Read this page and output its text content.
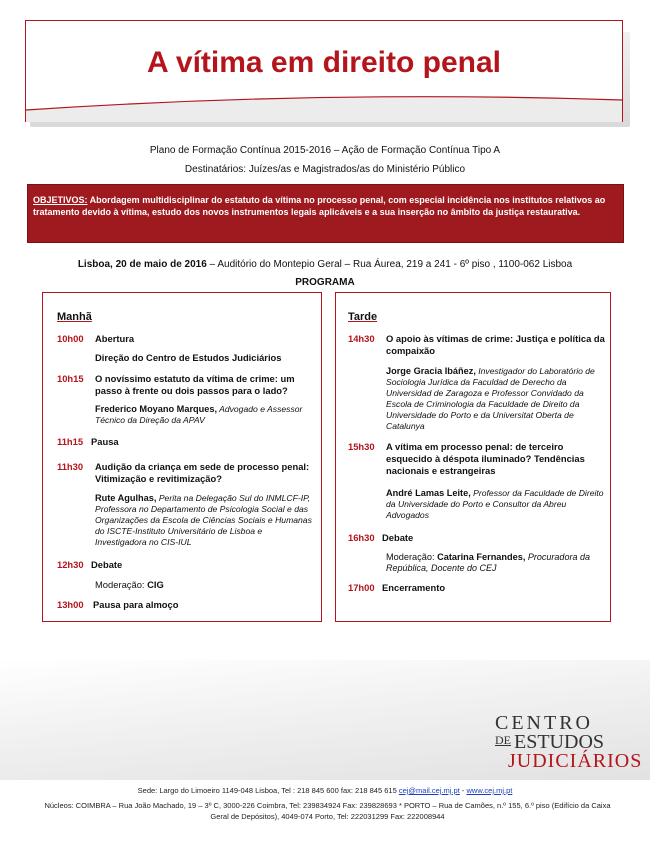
A vítima em direito penal
Plano de Formação Contínua 2015-2016 – Ação de Formação Contínua Tipo A
Destinatários: Juízes/as e Magistrados/as do Ministério Público
OBJETIVOS: Abordagem multidisciplinar do estatuto da vítima no processo penal, com especial incidência nos institutos relativos ao tratamento devido à vítima, estudo dos novos instrumentos legais aplicáveis e a sua inserção no âmbito da justiça restaurativa.
Lisboa, 20 de maio de 2016 – Auditório do Montepio Geral – Rua Áurea, 219 a 241 - 6º piso , 1100-062 Lisboa
PROGRAMA
Manhã
10h00 Abertura
Direção do Centro de Estudos Judiciários
10h15 O novíssimo estatuto da vítima de crime: um
passo à frente ou dois passos para o lado?
Frederico Moyano Marques, Advogado e Assessor
Técnico da Direção da APAV
11h15 Pausa
11h30 Audição da criança em sede de processo penal:
Vitimização e revitimização?
Rute Agulhas, Perita na Delegação Sul do INMLCF-IP,
Professora no Departamento de Psicologia Social e das
Organizações da Escola de Ciências Sociais e Humanas
do ISCTE-Instituto Universitário de Lisboa e
Investigadora no CIS-IUL
12h30 Debate
Moderação: CIG
13h00 Pausa para almoço
Tarde
14h30 O apoio às vítimas de crime: Justiça e política da
compaixão
Jorge Gracia Ibáñez, Investigador do Laboratório de
Sociologia Jurídica da Faculdad de Derecho da
Universidad de Zaragoza e Professor Convidado da
Escola de Criminologia da Faculdade de Direito da
Universidade do Porto e da Universitat Oberta de
Catalunya
15h30 A vítima em processo penal: de terceiro
esquecido à déspota iluminado? Tendências
nacionais e estrangeiras
André Lamas Leite, Professor da Faculdade de Direito
da Universidade do Porto e Consultor da Abreu
Advogados
16h30 Debate
Moderação: Catarina Fernandes, Procuradora da
República, Docente do CEJ
17h00 Encerramento
CENTRO
$^{DE}$ ESTUDOS
JUDICIÁRIOS
Sede: Largo do Limoeiro 1149-048 Lisboa, Tel : 218 845 600 fax: 218 845 615 cej@mail.cej.mj.pt - www.cej.mj.pt
Núcleos: COIMBRA – Rua João Machado, 19 – 3º C, 3000-226 Coimbra, Tel: 239834924 Fax: 239828693 * PORTO – Rua de Camões, n.º 155, 6.º piso (Edifício da Caixa Geral de Depósitos), 4049-074 Porto, Tel: 222031299 Fax: 222008944
